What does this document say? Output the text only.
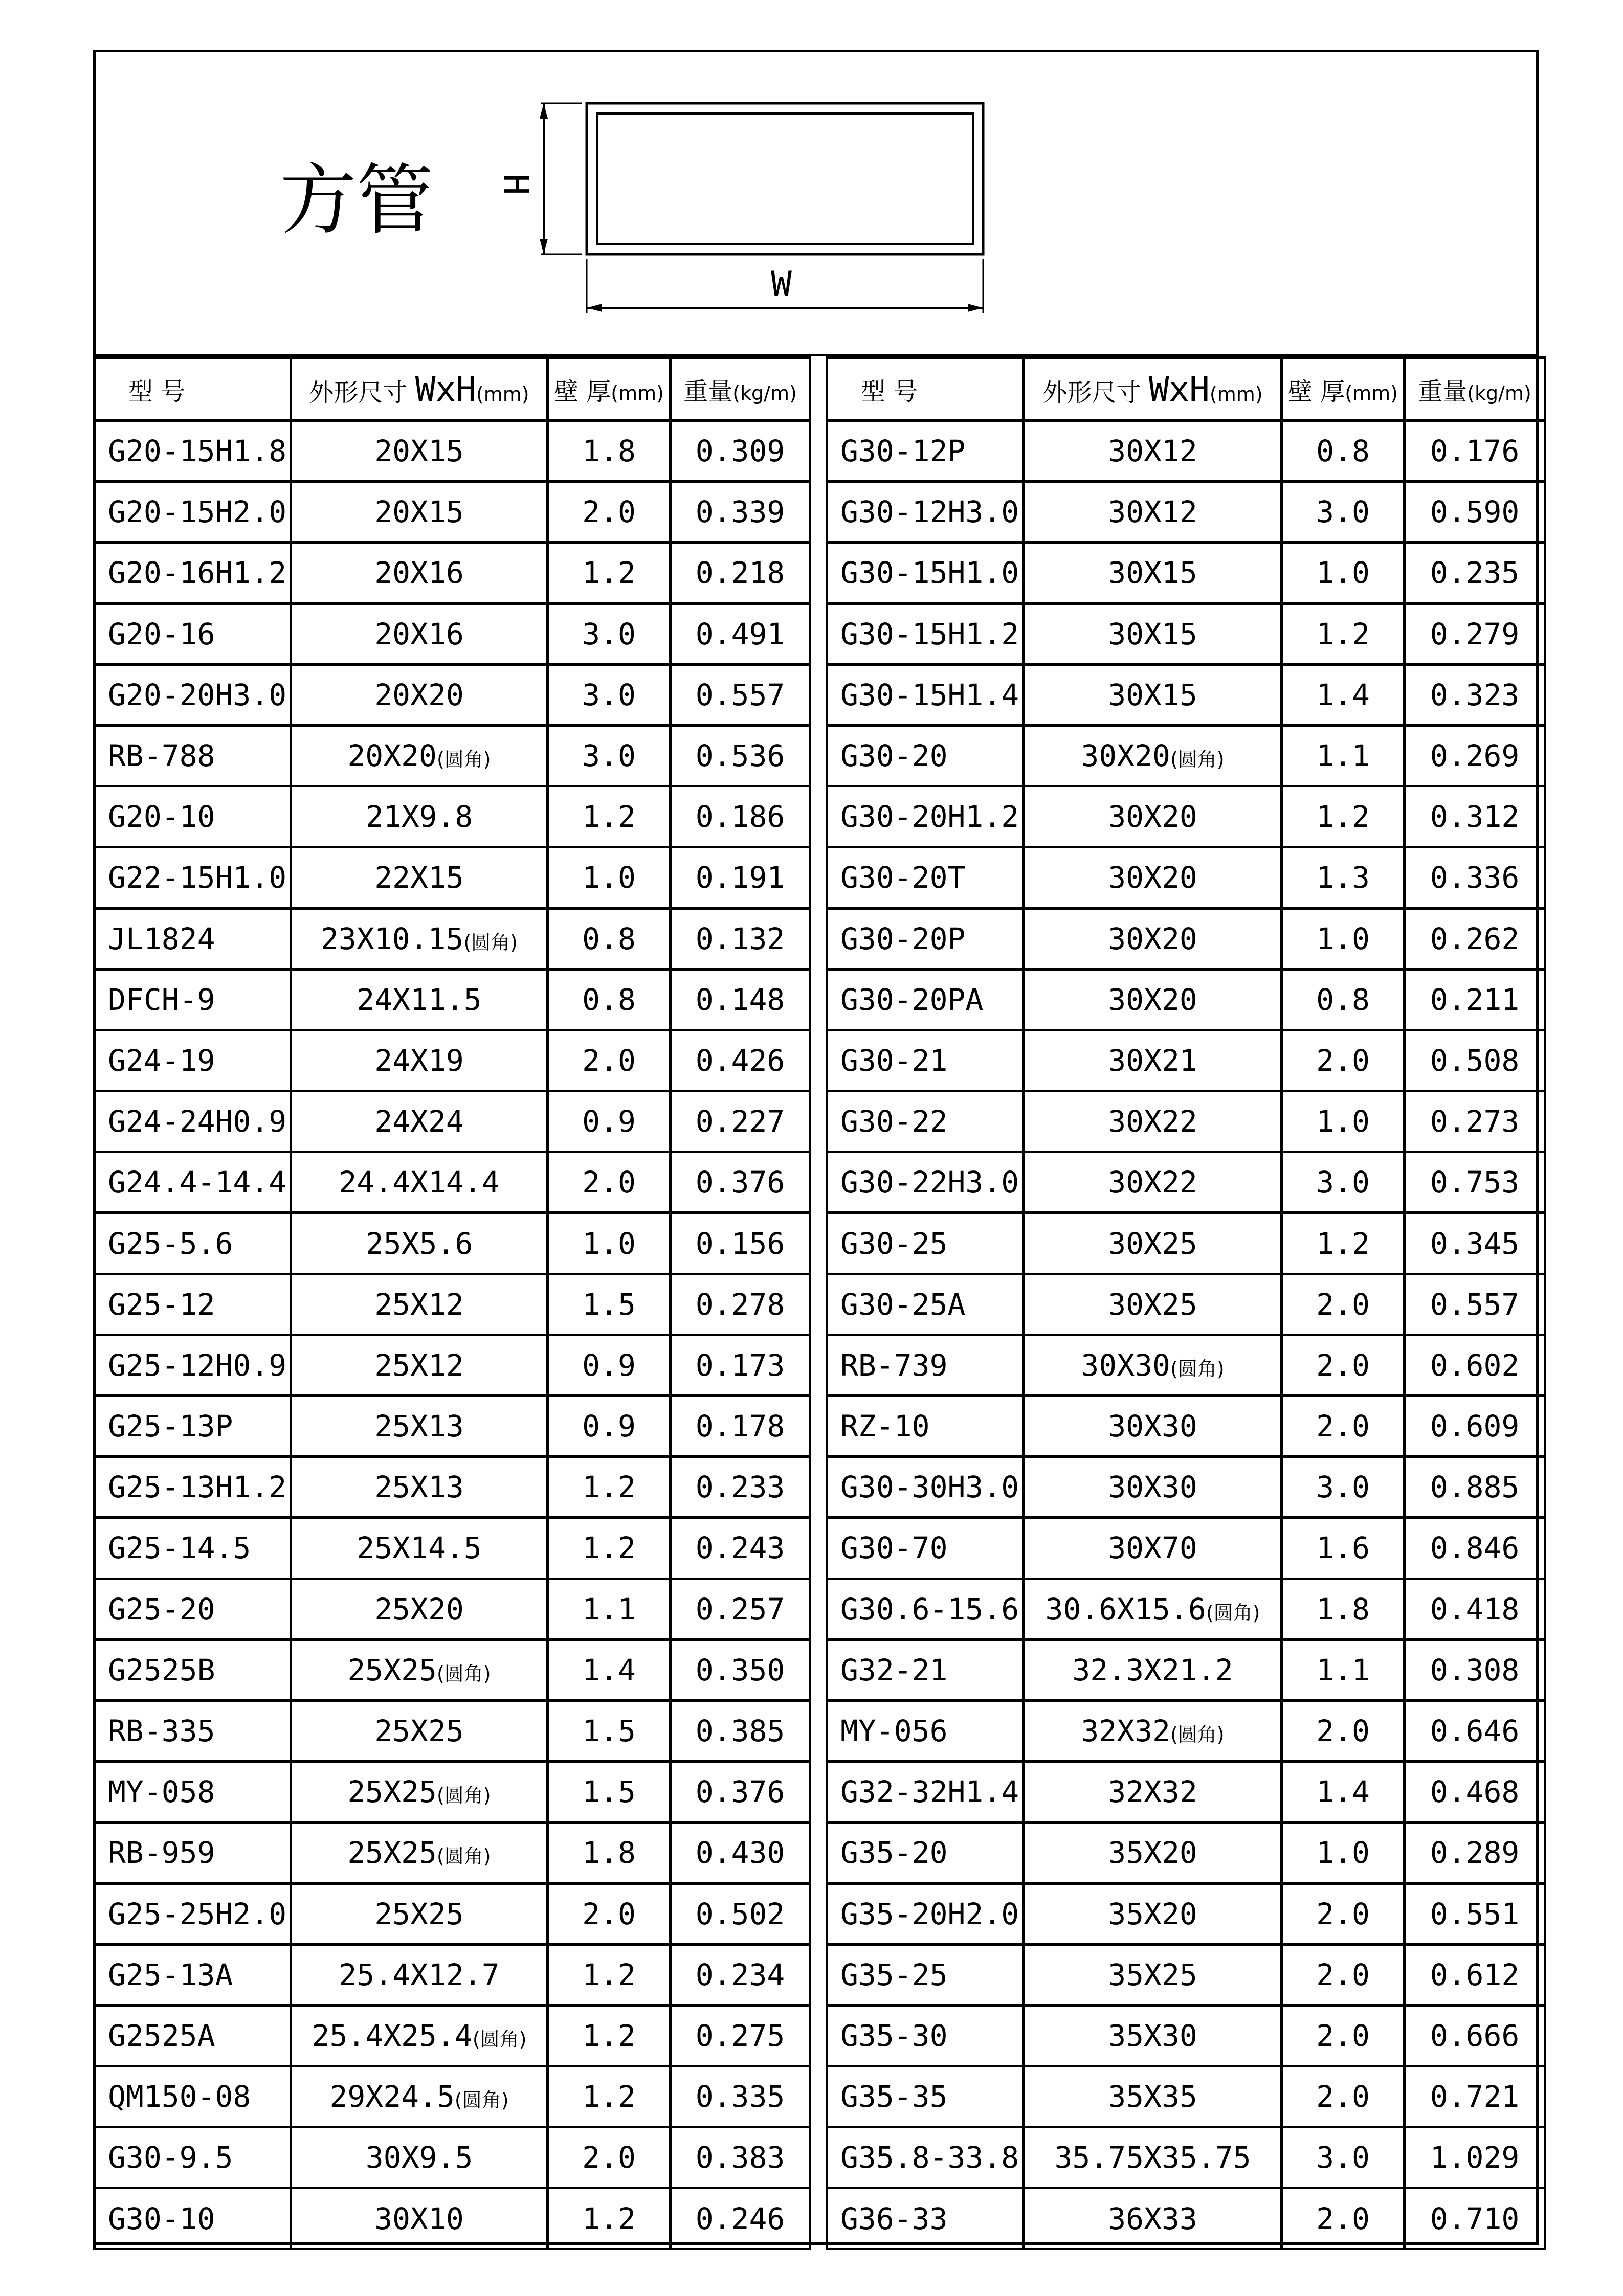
方管
W
H
型 号	外形尺寸 WxH(mm)	壁 厚(mm)	重量(kg/m)
G20-15H1.8	20X15	1.8	0.309
G20-15H2.0	20X15	2.0	0.339
G20-16H1.2	20X16	1.2	0.218
G20-16	20X16	3.0	0.491
G20-20H3.0	20X20	3.0	0.557
RB-788	20X20(圆角)	3.0	0.536
G20-10	21X9.8	1.2	0.186
G22-15H1.0	22X15	1.0	0.191
JL1824	23X10.15(圆角)	0.8	0.132
DFCH-9	24X11.5	0.8	0.148
G24-19	24X19	2.0	0.426
G24-24H0.9	24X24	0.9	0.227
G24.4-14.4	24.4X14.4	2.0	0.376
G25-5.6	25X5.6	1.0	0.156
G25-12	25X12	1.5	0.278
G25-12H0.9	25X12	0.9	0.173
G25-13P	25X13	0.9	0.178
G25-13H1.2	25X13	1.2	0.233
G25-14.5	25X14.5	1.2	0.243
G25-20	25X20	1.1	0.257
G2525B	25X25(圆角)	1.4	0.350
RB-335	25X25	1.5	0.385
MY-058	25X25(圆角)	1.5	0.376
RB-959	25X25(圆角)	1.8	0.430
G25-25H2.0	25X25	2.0	0.502
G25-13A	25.4X12.7	1.2	0.234
G2525A	25.4X25.4(圆角)	1.2	0.275
QM150-08	29X24.5(圆角)	1.2	0.335
G30-9.5	30X9.5	2.0	0.383
G30-10	30X10	1.2	0.246
型 号	外形尺寸 WxH(mm)	壁 厚(mm)	重量(kg/m)
G30-12P	30X12	0.8	0.176
G30-12H3.0	30X12	3.0	0.590
G30-15H1.0	30X15	1.0	0.235
G30-15H1.2	30X15	1.2	0.279
G30-15H1.4	30X15	1.4	0.323
G30-20	30X20(圆角)	1.1	0.269
G30-20H1.2	30X20	1.2	0.312
G30-20T	30X20	1.3	0.336
G30-20P	30X20	1.0	0.262
G30-20PA	30X20	0.8	0.211
G30-21	30X21	2.0	0.508
G30-22	30X22	1.0	0.273
G30-22H3.0	30X22	3.0	0.753
G30-25	30X25	1.2	0.345
G30-25A	30X25	2.0	0.557
RB-739	30X30(圆角)	2.0	0.602
RZ-10	30X30	2.0	0.609
G30-30H3.0	30X30	3.0	0.885
G30-70	30X70	1.6	0.846
G30.6-15.6	30.6X15.6(圆角)	1.8	0.418
G32-21	32.3X21.2	1.1	0.308
MY-056	32X32(圆角)	2.0	0.646
G32-32H1.4	32X32	1.4	0.468
G35-20	35X20	1.0	0.289
G35-20H2.0	35X20	2.0	0.551
G35-25	35X25	2.0	0.612
G35-30	35X30	2.0	0.666
G35-35	35X35	2.0	0.721
G35.8-33.8	35.75X35.75	3.0	1.029
G36-33	36X33	2.0	0.710
